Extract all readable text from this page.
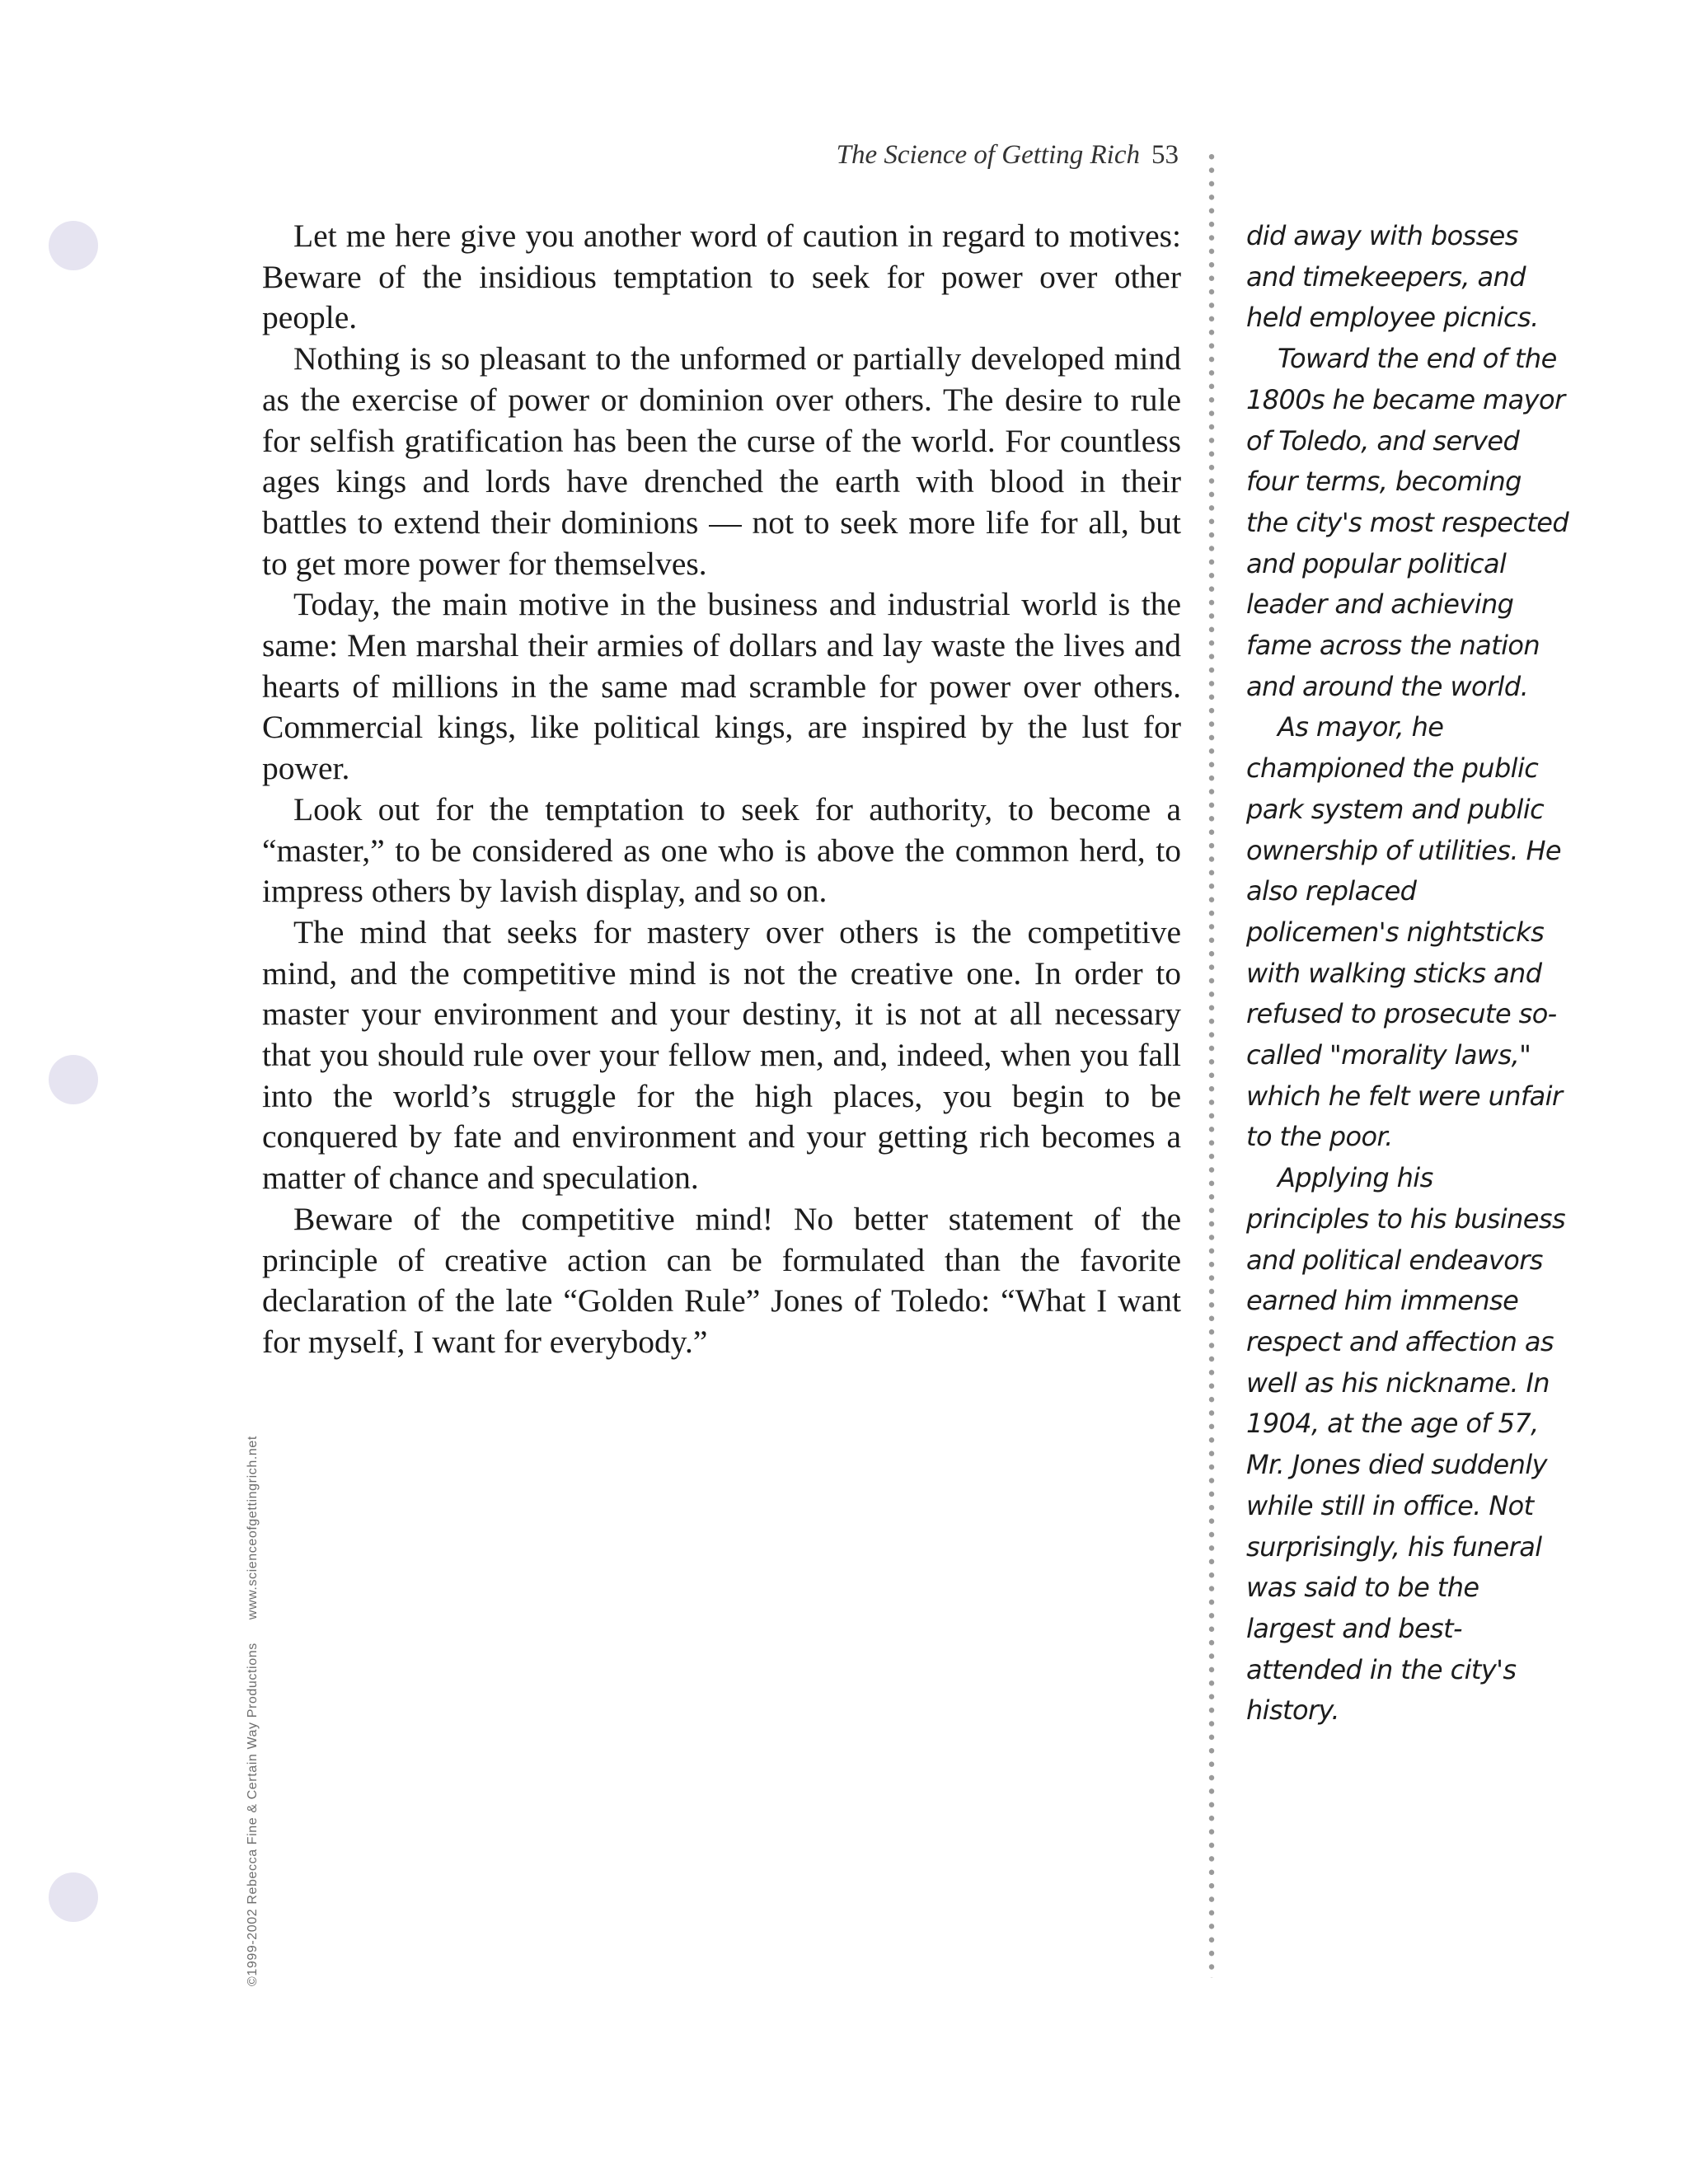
The Science of Getting Rich 53

Let me here give you another word of caution in regard to motives: Beware of the insidious temptation to seek for power over other people.

Nothing is so pleasant to the unformed or partially developed mind as the exercise of power or dominion over others. The desire to rule for selfish gratification has been the curse of the world. For countless ages kings and lords have drenched the earth with blood in their battles to extend their dominions — not to seek more life for all, but to get more power for themselves.

Today, the main motive in the business and industrial world is the same: Men marshal their armies of dollars and lay waste the lives and hearts of millions in the same mad scramble for power over others. Commercial kings, like political kings, are inspired by the lust for power.

Look out for the temptation to seek for authority, to become a “master,” to be considered as one who is above the common herd, to impress others by lavish display, and so on.

The mind that seeks for mastery over others is the competitive mind, and the competitive mind is not the creative one. In order to master your environment and your destiny, it is not at all necessary that you should rule over your fellow men, and, indeed, when you fall into the world’s struggle for the high places, you begin to be conquered by fate and environment and your getting rich becomes a matter of chance and speculation.

Beware of the competitive mind! No better statement of the principle of creative action can be formulated than the favorite declaration of the late “Golden Rule” Jones of Toledo: “What I want for myself, I want for everybody.”

did away with bosses
and timekeepers, and
held employee picnics.
Toward the end of the
1800s he became mayor
of Toledo, and served
four terms, becoming
the city's most respected
and popular political
leader and achieving
fame across the nation
and around the world.
As mayor, he
championed the public
park system and public
ownership of utilities. He
also replaced
policemen's nightsticks
with walking sticks and
refused to prosecute so-
called "morality laws,"
which he felt were unfair
to the poor.
Applying his
principles to his business
and political endeavors
earned him immense
respect and affection as
well as his nickname. In
1904, at the age of 57,
Mr. Jones died suddenly
while still in office. Not
surprisingly, his funeral
was said to be the
largest and best-
attended in the city's
history.
©1999-2002 Rebecca Fine & Certain Way Productionswww.scienceofgettingrich.net
